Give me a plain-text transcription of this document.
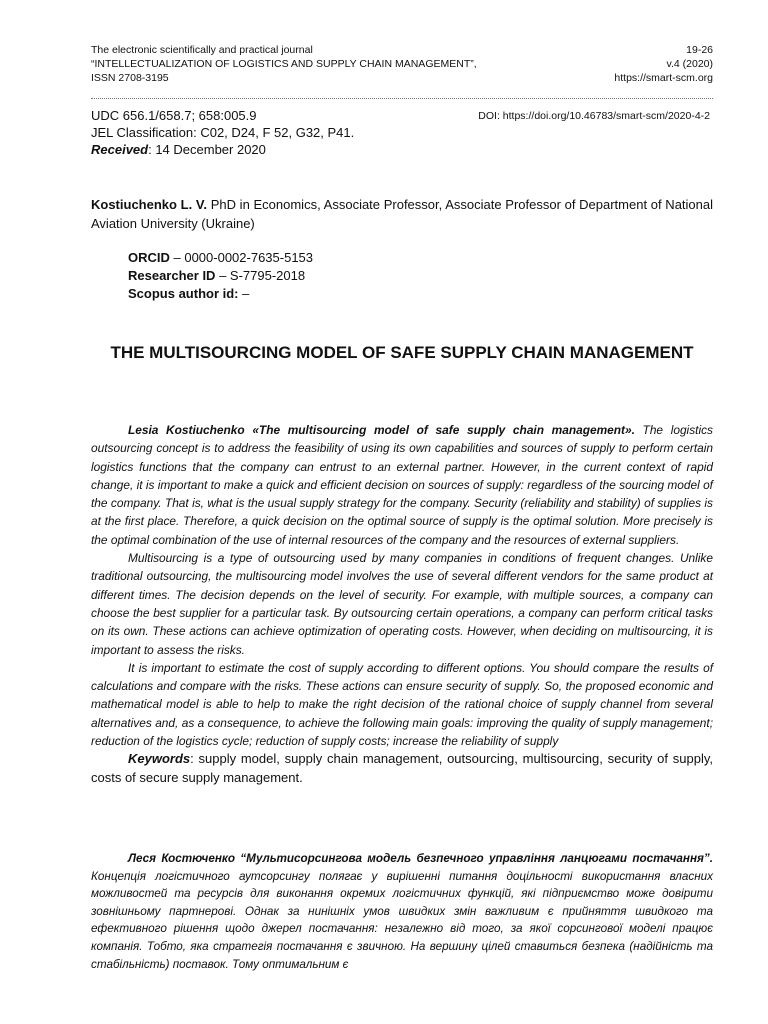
The electronic scientifically and practical journal
“INTELLECTUALIZATION OF LOGISTICS AND SUPPLY CHAIN MANAGEMENT”,
ISSN 2708-3195
19-26
v.4 (2020)
https://smart-scm.org
UDC 656.1/658.7; 658:005.9
JEL Classification: C02, D24, F 52, G32, P41.
Received: 14 December 2020
DOI: https://doi.org/10.46783/smart-scm/2020-4-2
Kostiuchenko L. V. PhD in Economics, Associate Professor, Associate Professor of Department of National Aviation University (Ukraine)
ORCID – 0000-0002-7635-5153
Researcher ID – S-7795-2018
Scopus author id: –
THE MULTISOURCING MODEL OF SAFE SUPPLY CHAIN MANAGEMENT

Lesia Kostiuchenko «The multisourcing model of safe supply chain management». The logistics outsourcing concept is to address the feasibility of using its own capabilities and sources of supply to perform certain logistics functions that the company can entrust to an external partner. However, in the current context of rapid change, it is important to make a quick and efficient decision on sources of supply: regardless of the sourcing model of the company. That is, what is the usual supply strategy for the company. Security (reliability and stability) of supplies is at the first place. Therefore, a quick decision on the optimal source of supply is the optimal solution. More precisely is the optimal combination of the use of internal resources of the company and the resources of external suppliers.

Multisourcing is a type of outsourcing used by many companies in conditions of frequent changes. Unlike traditional outsourcing, the multisourcing model involves the use of several different vendors for the same product at different times. The decision depends on the level of security. For example, with multiple sources, a company can choose the best supplier for a particular task. By outsourcing certain operations, a company can perform critical tasks on its own. These actions can achieve optimization of operating costs. However, when deciding on multisourcing, it is important to assess the risks.

It is important to estimate the cost of supply according to different options. You should compare the results of calculations and compare with the risks. These actions can ensure security of supply. So, the proposed economic and mathematical model is able to help to make the right decision of the rational choice of supply channel from several alternatives and, as a consequence, to achieve the following main goals: improving the quality of supply management; reduction of the logistics cycle; reduction of supply costs; increase the reliability of supply

Keywords: supply model, supply chain management, outsourcing, multisourcing, security of supply, costs of secure supply management.

Леся Костюченко “Мультисорсингова модель безпечного управління ланцюгами постачання”. Концепція логістичного аутсорсингу полягає у вирішенні питання доцільності використання власних можливостей та ресурсів для виконання окремих логістичних функцій, які підприємство може довірити зовнішньому партнерові. Однак за нинішніх умов швидких змін важливим є прийняття швидкого та ефективного рішення щодо джерел постачання: незалежно від того, за якої сорсингової моделі працює компанія. Тобто, яка стратегія постачання є звичною. На вершину цілей ставиться безпека (надійність та стабільність) поставок. Тому оптимальним є
